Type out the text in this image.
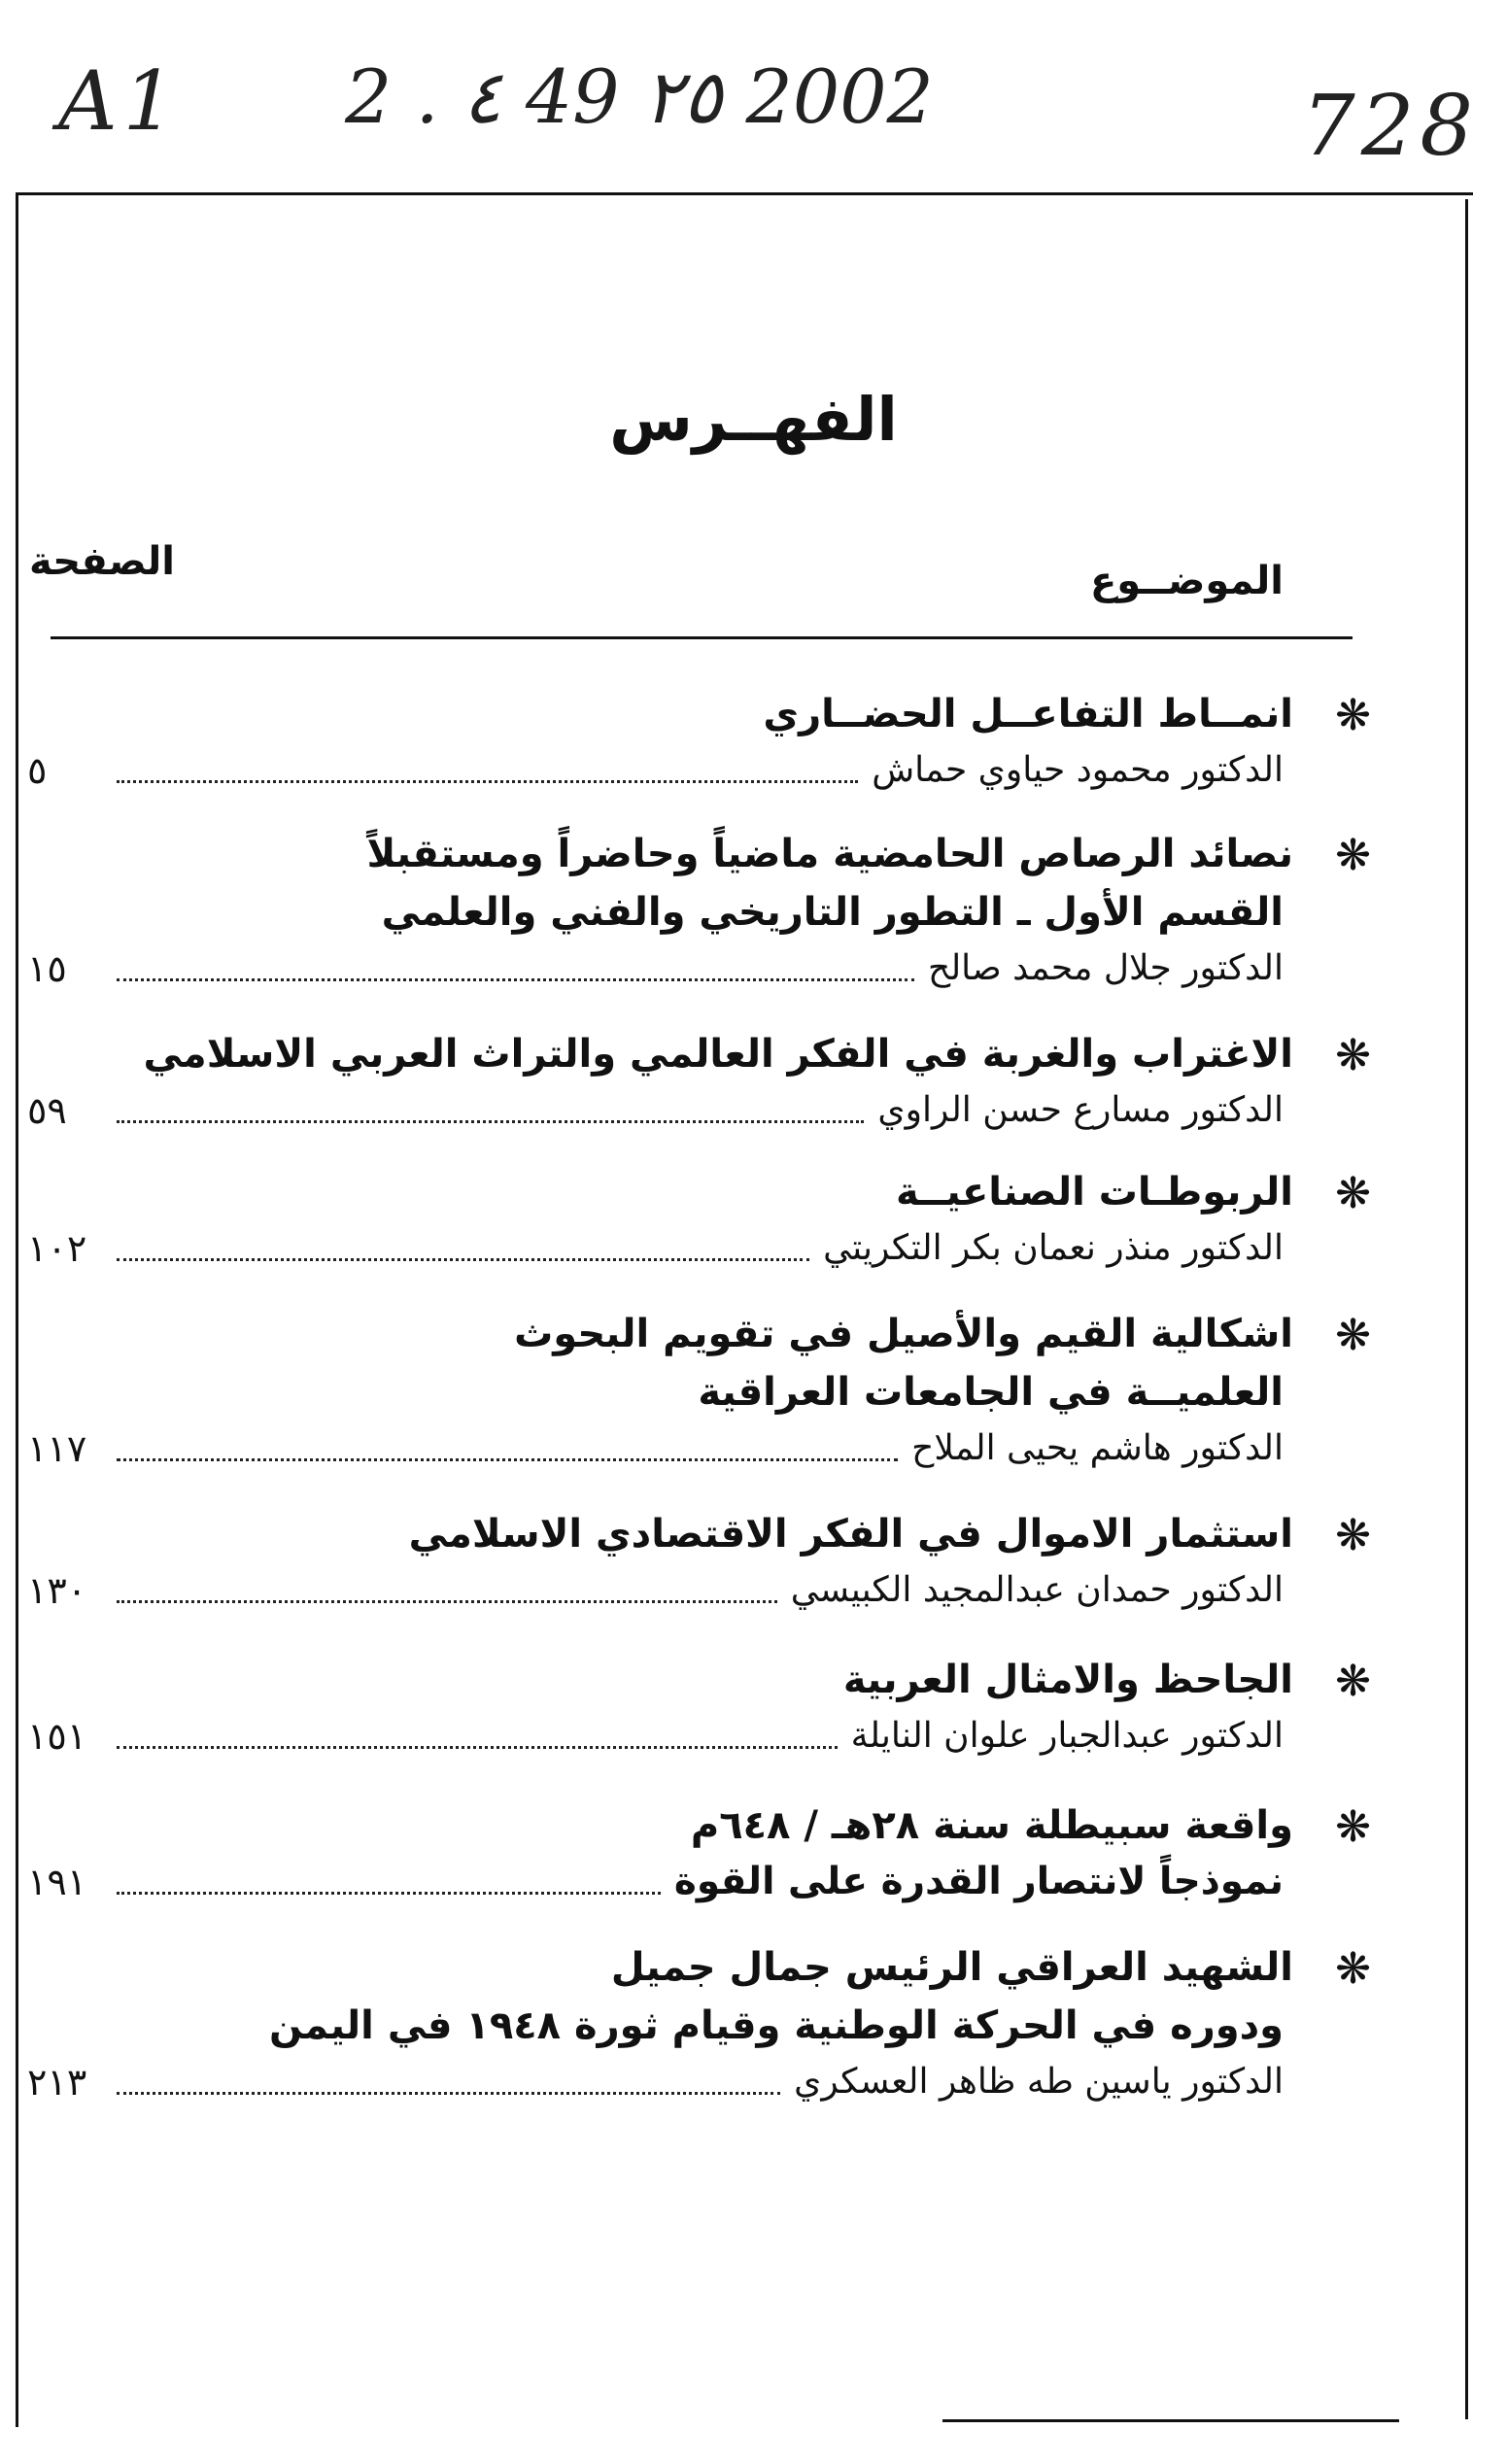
A1 2 . ٤ 49 ٢٥ 2002	728
الفهــرس
الموضــوع
الصفحة
❋
انمــاط التفاعــل الحضــاري
الدكتور محمود حياوي حماش
٥
❋
نصائد الرصاص الحامضية ماضياً وحاضراً ومستقبلاً
القسم الأول ـ التطور التاريخي والفني والعلمي
الدكتور جلال محمد صالح
١٥
❋
الاغتراب والغربة في الفكر العالمي والتراث العربي الاسلامي
الدكتور مسارع حسن الراوي
٥٩
❋
الربوطـات الصناعيــة
الدكتور منذر نعمان بكر التكريتي
١٠٢
❋
اشكالية القيم والأصيل في تقويم البحوث
العلميــة في الجامعات العراقية
الدكتور هاشم يحيى الملاح
١١٧
❋
استثمار الاموال في الفكر الاقتصادي الاسلامي
الدكتور حمدان عبدالمجيد الكبيسي
١٣٠
❋
الجاحظ والامثال العربية
الدكتور عبدالجبار علوان النايلة
١٥١
❋
واقعة سبيطلة سنة ٢٨هـ / ٦٤٨م
نموذجاً لانتصار القدرة على القوة
١٩١
❋
الشهيد العراقي الرئيس جمال جميل
ودوره في الحركة الوطنية وقيام ثورة ١٩٤٨ في اليمن
الدكتور ياسين طه ظاهر العسكري
٢١٣
